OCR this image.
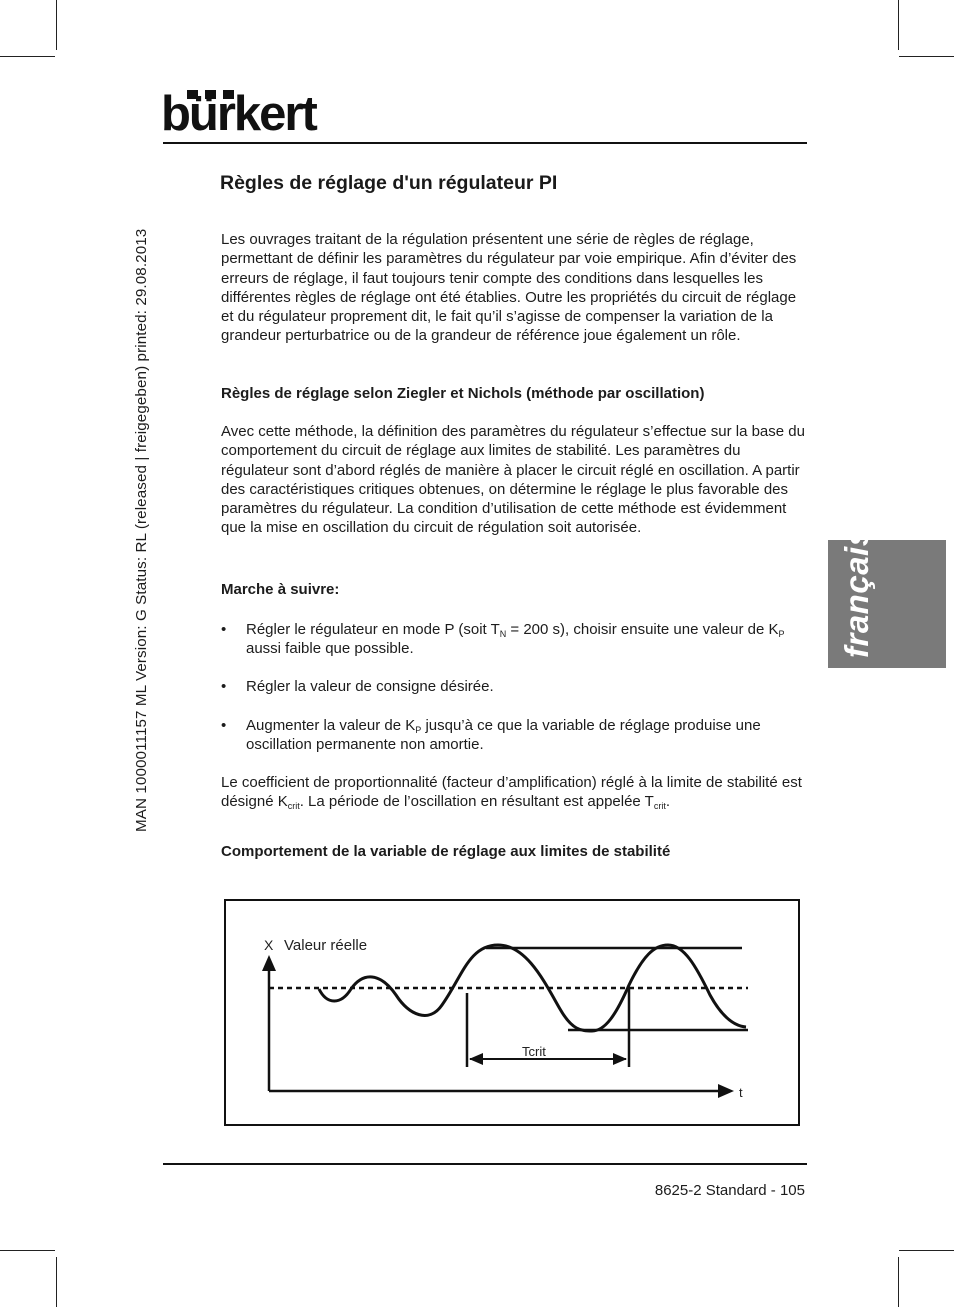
bürkert
MAN 1000011157 ML Version: G Status: RL (released | freigegeben) printed: 29.08.2013	français
Règles de réglage d'un régulateur PI

Les ouvrages traitant de la régulation présentent une série de règles de réglage, permettant de définir les paramètres du régulateur par voie empirique. Afin d’éviter des erreurs de réglage, il faut toujours tenir compte des conditions dans lesquelles les différentes règles de réglage ont été établies. Outre les propriétés du circuit de réglage et du régulateur proprement dit, le fait qu’il s’agisse de compenser la variation de la grandeur perturbatrice ou de la grandeur de référence joue également un rôle.

Règles de réglage selon Ziegler et Nichols (méthode par oscillation)

Avec cette méthode, la définition des paramètres du régulateur s’effectue sur la base du comportement du circuit de réglage aux limites de stabilité. Les paramètres du régulateur sont d’abord réglés de manière à placer le circuit réglé en oscillation. A partir des caractéristiques critiques obtenues, on détermine le réglage le plus favorable des paramètres du régulateur. La condition d’utilisation de cette méthode est évidemment que la mise en oscillation du circuit de régulation soit autorisée.

Marche à suivre:

• Régler le régulateur en mode P (soit $T_N = 200$ s), choisir ensuite une valeur de $K_P$ aussi faible que possible.
• Régler la valeur de consigne désirée.
• Augmenter la valeur de $K_P$ jusqu’à ce que la variable de réglage produise une oscillation permanente non amortie.

Le coefficient de proportionnalité (facteur d’amplification) réglé à la limite de stabilité est désigné $K_{crit}$. La période de l’oscillation en résultant est appelée $T_{crit}$.

Comportement de la variable de réglage aux limites de stabilité

X Valeur réelle
Tcrit
t
8625-2 Standard - 105
